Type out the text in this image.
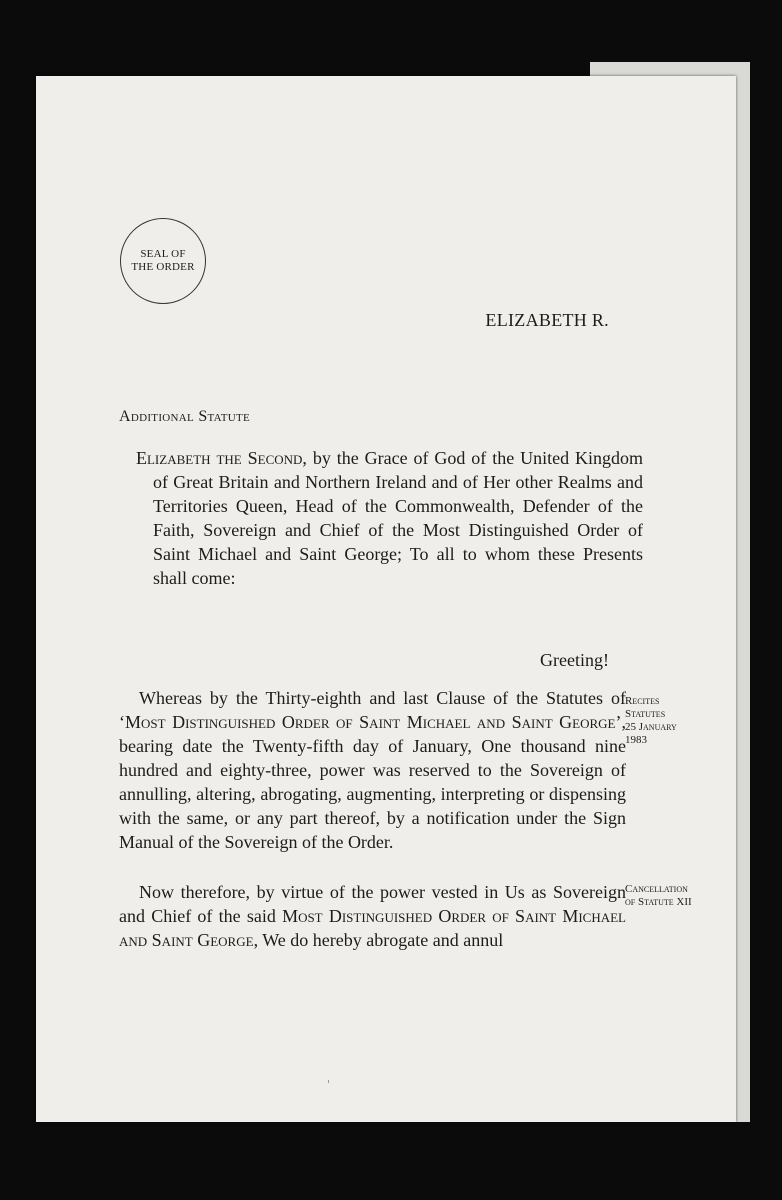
SEAL OF
THE ORDER
ELIZABETH R.
Additional Statute
Elizabeth the Second, by the Grace of God of the United Kingdom of Great Britain and Northern Ireland and of Her other Realms and Territories Queen, Head of the Commonwealth, Defender of the Faith, Sovereign and Chief of the Most Distinguished Order of Saint Michael and Saint George; To all to whom these Presents shall come:
Greeting!
Whereas by the Thirty-eighth and last Clause of the Statutes of ‘Most Distinguished Order of Saint Michael and Saint George’, bearing date the Twenty-fifth day of January, One thousand nine hundred and eighty-three, power was reserved to the Sovereign of annulling, altering, abrogating, augmenting, interpreting or dispensing with the same, or any part thereof, by a notification under the Sign Manual of the Sovereign of the Order.
Recites
Statutes
25 January
1983
Now therefore, by virtue of the power vested in Us as Sovereign and Chief of the said Most Distinguished Order of Saint Michael and Saint George, We do hereby abrogate and annul
Cancellation
of Statute XII
